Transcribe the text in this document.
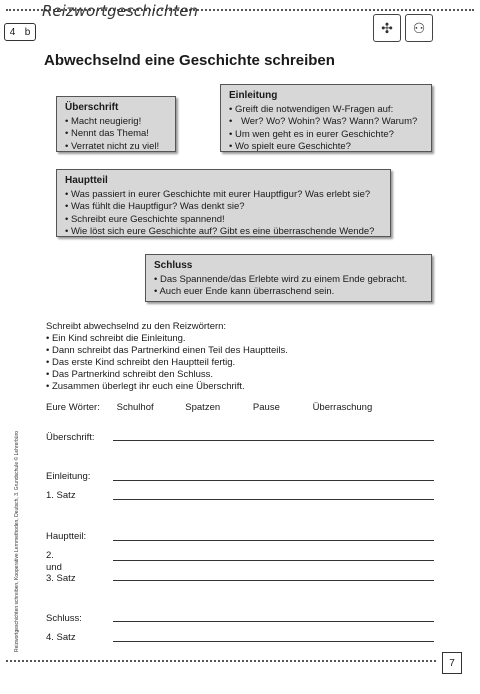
Reizwortgeschichten
4 b	✣	⚇
Abwechselnd eine Geschichte schreiben
Überschrift
• Macht neugierig!
• Nennt das Thema!
• Verratet nicht zu viel!
Einleitung
• Greift die notwendigen W-Fragen auf:
• Wer? Wo? Wohin? Was? Wann? Warum?
• Um wen geht es in eurer Geschichte?
• Wo spielt eure Geschichte?
Hauptteil
• Was passiert in eurer Geschichte mit eurer Hauptfigur? Was erlebt sie?
• Was fühlt die Hauptfigur? Was denkt sie?
• Schreibt eure Geschichte spannend!
• Wie löst sich eure Geschichte auf? Gibt es eine überraschende Wende?
Schluss
• Das Spannende/das Erlebte wird zu einem Ende gebracht.
• Auch euer Ende kann überraschend sein.
Schreibt abwechselnd zu den Reizwörtern:
• Ein Kind schreibt die Einleitung.
• Dann schreibt das Partnerkind einen Teil des Hauptteils.
• Das erste Kind schreibt den Hauptteil fertig.
• Das Partnerkind schreibt den Schluss.
• Zusammen überlegt ihr euch eine Überschrift.
Eure Wörter: Schulhof	Spatzen	Pause	Überraschung
Überschrift:
Einleitung:
1. Satz
Hauptteil:
2.
und
3. Satz
Schluss:
4. Satz
Reizwortgeschichten schreiben, Kooperative Lernmethoden, Deutsch, 3. Grundschule © Lehrerbüro
7
